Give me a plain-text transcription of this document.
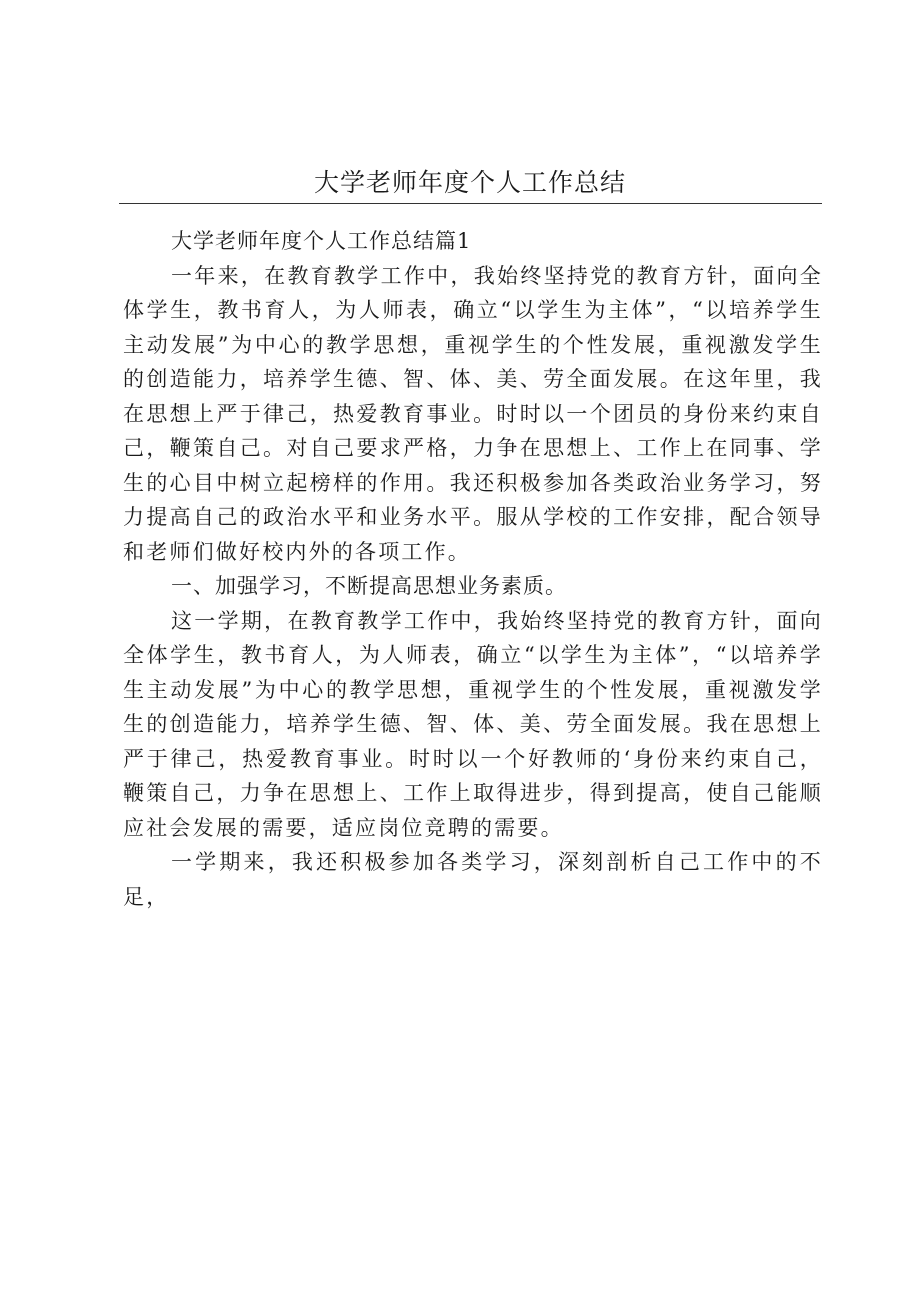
大学老师年度个人工作总结

大学老师年度个人工作总结篇1

一年来，在教育教学工作中，我始终坚持党的教育方针，面向全体学生，教书育人，为人师表，确立“以学生为主体”，“以培养学生主动发展”为中心的教学思想，重视学生的个性发展，重视激发学生的创造能力，培养学生德、智、体、美、劳全面发展。在这年里，我在思想上严于律己，热爱教育事业。时时以一个团员的身份来约束自己，鞭策自己。对自己要求严格，力争在思想上、工作上在同事、学生的心目中树立起榜样的作用。我还积极参加各类政治业务学习，努力提高自己的政治水平和业务水平。服从学校的工作安排，配合领导和老师们做好校内外的各项工作。

一、加强学习，不断提高思想业务素质。

这一学期，在教育教学工作中，我始终坚持党的教育方针，面向全体学生，教书育人，为人师表，确立“以学生为主体”，“以培养学生主动发展”为中心的教学思想，重视学生的个性发展，重视激发学生的创造能力，培养学生德、智、体、美、劳全面发展。我在思想上严于律己，热爱教育事业。时时以一个好教师的‘身份来约束自己，鞭策自己，力争在思想上、工作上取得进步，得到提高，使自己能顺应社会发展的需要，适应岗位竞聘的需要。

一学期来，我还积极参加各类学习，深刻剖析自己工作中的不足，
